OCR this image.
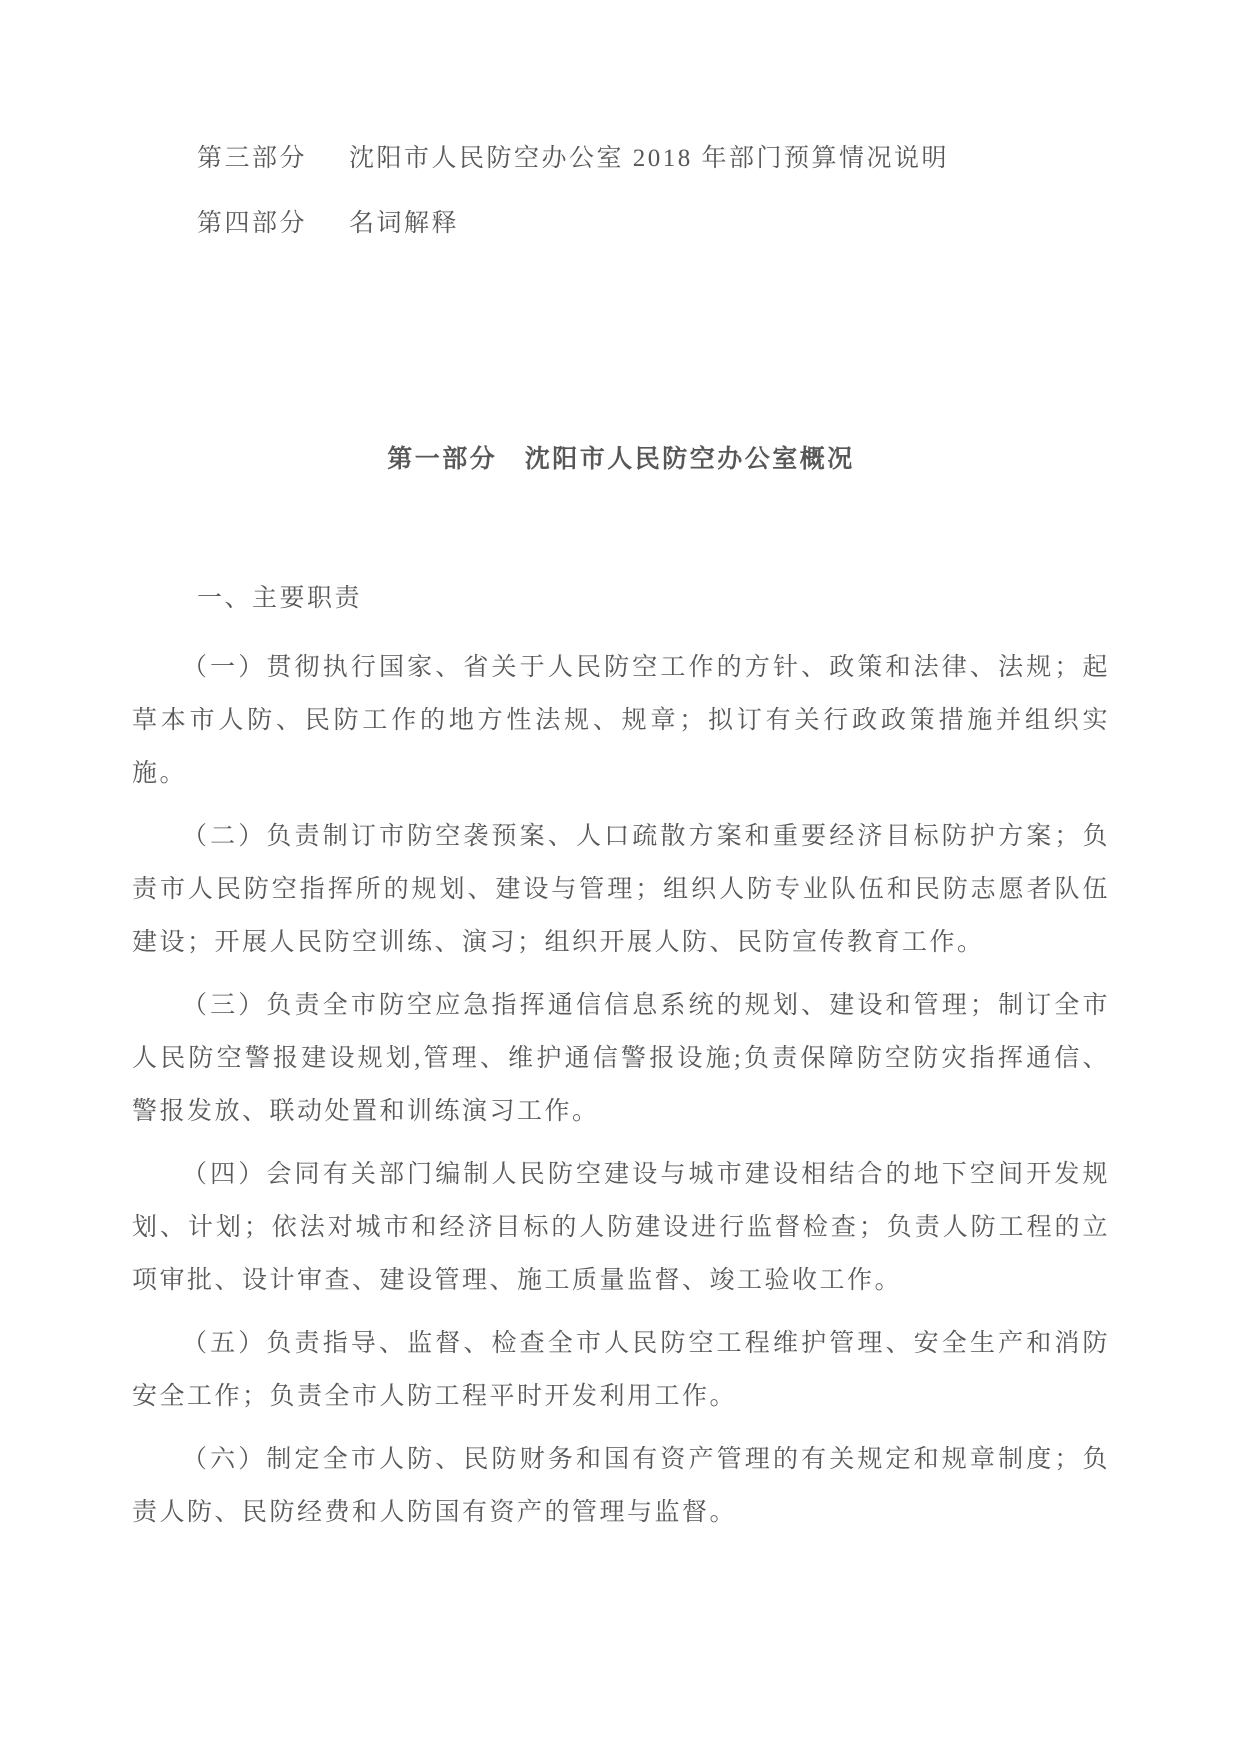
第三部分 沈阳市人民防空办公室 2018 年部门预算情况说明

第四部分 名词解释

第一部分　沈阳市人民防空办公室概况

一、主要职责

（一）贯彻执行国家、省关于人民防空工作的方针、政策和法律、法规；起草本市人防、民防工作的地方性法规、规章；拟订有关行政政策措施并组织实施。

（二）负责制订市防空袭预案、人口疏散方案和重要经济目标防护方案；负责市人民防空指挥所的规划、建设与管理；组织人防专业队伍和民防志愿者队伍建设；开展人民防空训练、演习；组织开展人防、民防宣传教育工作。

（三）负责全市防空应急指挥通信信息系统的规划、建设和管理；制订全市人民防空警报建设规划,管理、维护通信警报设施;负责保障防空防灾指挥通信、警报发放、联动处置和训练演习工作。

（四）会同有关部门编制人民防空建设与城市建设相结合的地下空间开发规划、计划；依法对城市和经济目标的人防建设进行监督检查；负责人防工程的立项审批、设计审查、建设管理、施工质量监督、竣工验收工作。

（五）负责指导、监督、检查全市人民防空工程维护管理、安全生产和消防安全工作；负责全市人防工程平时开发利用工作。

（六）制定全市人防、民防财务和国有资产管理的有关规定和规章制度；负责人防、民防经费和人防国有资产的管理与监督。
